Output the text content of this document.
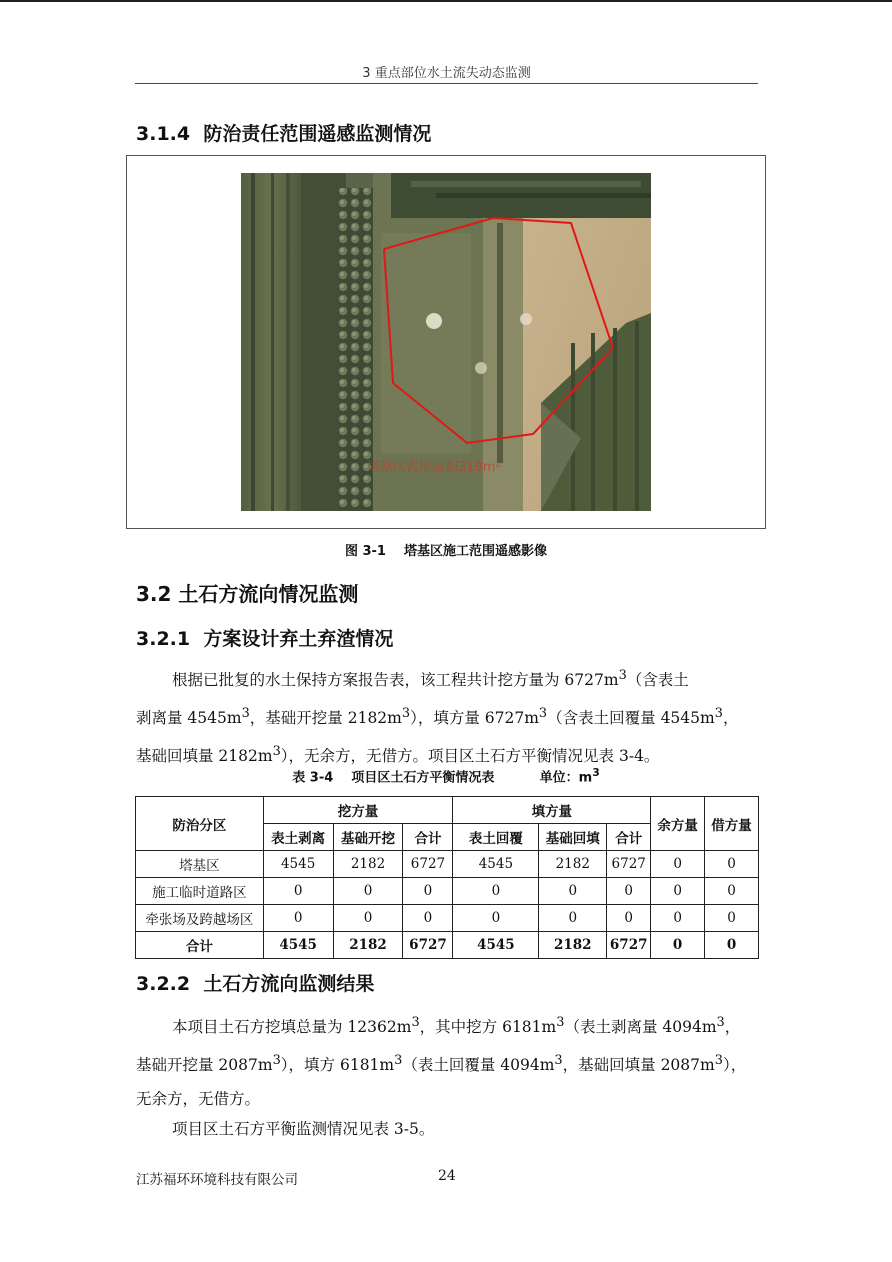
3 重点部位水土流失动态监测
3.1.4 防治责任范围遥感监测情况
塔基区占地面积319m²
图 3-1    塔基区施工范围遥感影像
3.2 土石方流向情况监测
3.2.1 方案设计弃土弃渣情况
根据已批复的水土保持方案报告表，该工程共计挖方量为 $6727m^3$（含表土
剥离量 $4545m^3$，基础开挖量 $2182m^3$），填方量 $6727m^3$（含表土回覆量 $4545m^3$，
基础回填量 $2182m^3$），无余方，无借方。项目区土石方平衡情况见表 3-4。
表 3-4    项目区土石方平衡情况表	单位：$m^3$
防治分区	挖方量			填方量			余方量	借方量
	表土剥离	基础开挖	合计	表土回覆	基础回填	合计		
塔基区	4545	2182	6727	4545	2182	6727	0	0
施工临时道路区	0	0	0	0	0	0	0	0
牵张场及跨越场区	0	0	0	0	0	0	0	0
合计	4545	2182	6727	4545	2182	6727	0	0
3.2.2 土石方流向监测结果
本项目土石方挖填总量为 $12362m^3$，其中挖方 $6181m^3$（表土剥离量 $4094m^3$，
基础开挖量 $2087m^3$），填方 $6181m^3$（表土回覆量 $4094m^3$，基础回填量 $2087m^3$），
无余方，无借方。
项目区土石方平衡监测情况见表 3-5。
江苏福环环境科技有限公司	24
